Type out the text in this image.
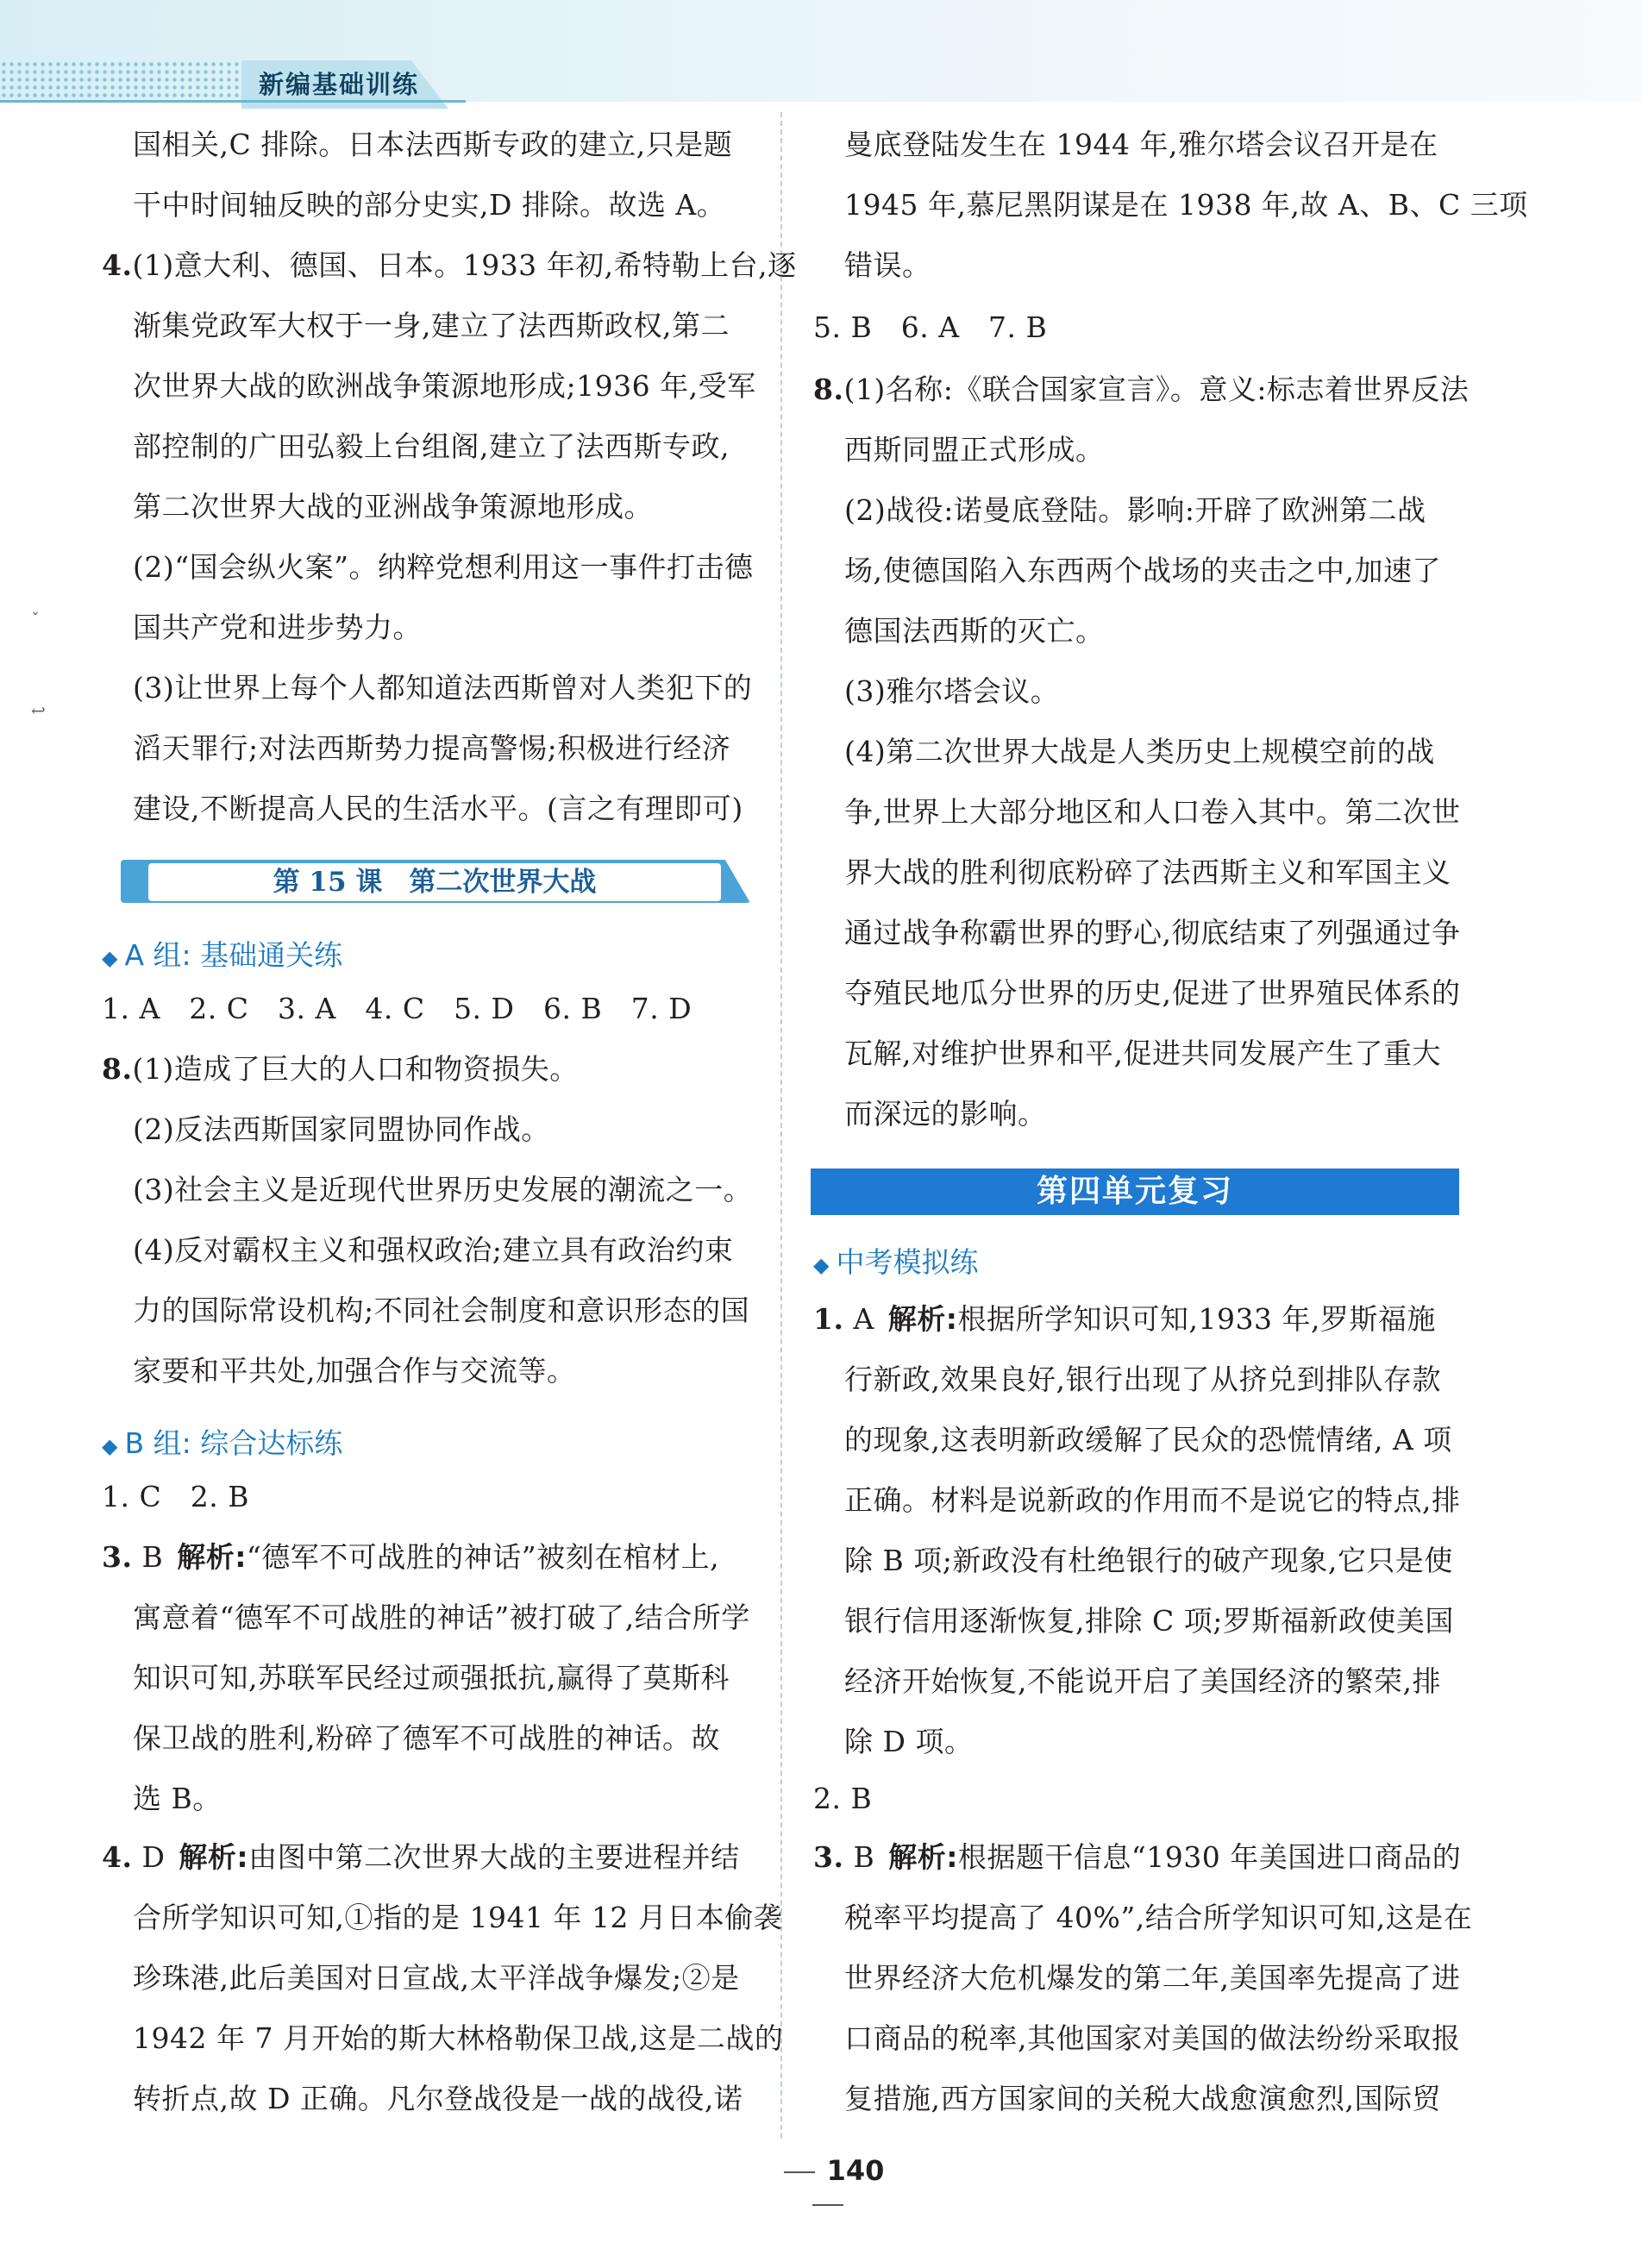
新编基础训练
ˇ
↩
第 15 课　第二次世界大战
第四单元复习
140
国相关,C 排除。日本法西斯专政的建立,只是题
干中时间轴反映的部分史实,D 排除。故选 A。
4.(1)意大利、德国、日本。1933 年初,希特勒上台,逐
渐集党政军大权于一身,建立了法西斯政权,第二
次世界大战的欧洲战争策源地形成;1936 年,受军
部控制的广田弘毅上台组阁,建立了法西斯专政,
第二次世界大战的亚洲战争策源地形成。
(2)“国会纵火案”。纳粹党想利用这一事件打击德
国共产党和进步势力。
(3)让世界上每个人都知道法西斯曾对人类犯下的
滔天罪行;对法西斯势力提高警惕;积极进行经济
建设,不断提高人民的生活水平。(言之有理即可)
◆ A 组: 基础通关练
1. A　2. C　3. A　4. C　5. D　6. B　7. D
8.(1)造成了巨大的人口和物资损失。
(2)反法西斯国家同盟协同作战。
(3)社会主义是近现代世界历史发展的潮流之一。
(4)反对霸权主义和强权政治;建立具有政治约束
力的国际常设机构;不同社会制度和意识形态的国
家要和平共处,加强合作与交流等。
◆ B 组: 综合达标练
1. C　2. B
3. B 解析:“德军不可战胜的神话”被刻在棺材上,
寓意着“德军不可战胜的神话”被打破了,结合所学
知识可知,苏联军民经过顽强抵抗,赢得了莫斯科
保卫战的胜利,粉碎了德军不可战胜的神话。故
选 B。
4. D 解析:由图中第二次世界大战的主要进程并结
合所学知识可知,①指的是 1941 年 12 月日本偷袭
珍珠港,此后美国对日宣战,太平洋战争爆发;②是
1942 年 7 月开始的斯大林格勒保卫战,这是二战的
转折点,故 D 正确。凡尔登战役是一战的战役,诺
曼底登陆发生在 1944 年,雅尔塔会议召开是在
1945 年,慕尼黑阴谋是在 1938 年,故 A、B、C 三项
错误。
5. B　6. A　7. B
8.(1)名称:《联合国家宣言》。意义:标志着世界反法
西斯同盟正式形成。
(2)战役:诺曼底登陆。影响:开辟了欧洲第二战
场,使德国陷入东西两个战场的夹击之中,加速了
德国法西斯的灭亡。
(3)雅尔塔会议。
(4)第二次世界大战是人类历史上规模空前的战
争,世界上大部分地区和人口卷入其中。第二次世
界大战的胜利彻底粉碎了法西斯主义和军国主义
通过战争称霸世界的野心,彻底结束了列强通过争
夺殖民地瓜分世界的历史,促进了世界殖民体系的
瓦解,对维护世界和平,促进共同发展产生了重大
而深远的影响。
◆ 中考模拟练
1. A 解析:根据所学知识可知,1933 年,罗斯福施
行新政,效果良好,银行出现了从挤兑到排队存款
的现象,这表明新政缓解了民众的恐慌情绪, A 项
正确。材料是说新政的作用而不是说它的特点,排
除 B 项;新政没有杜绝银行的破产现象,它只是使
银行信用逐渐恢复,排除 C 项;罗斯福新政使美国
经济开始恢复,不能说开启了美国经济的繁荣,排
除 D 项。
2. B
3. B 解析:根据题干信息“1930 年美国进口商品的
税率平均提高了 40%”,结合所学知识可知,这是在
世界经济大危机爆发的第二年,美国率先提高了进
口商品的税率,其他国家对美国的做法纷纷采取报
复措施,西方国家间的关税大战愈演愈烈,国际贸
